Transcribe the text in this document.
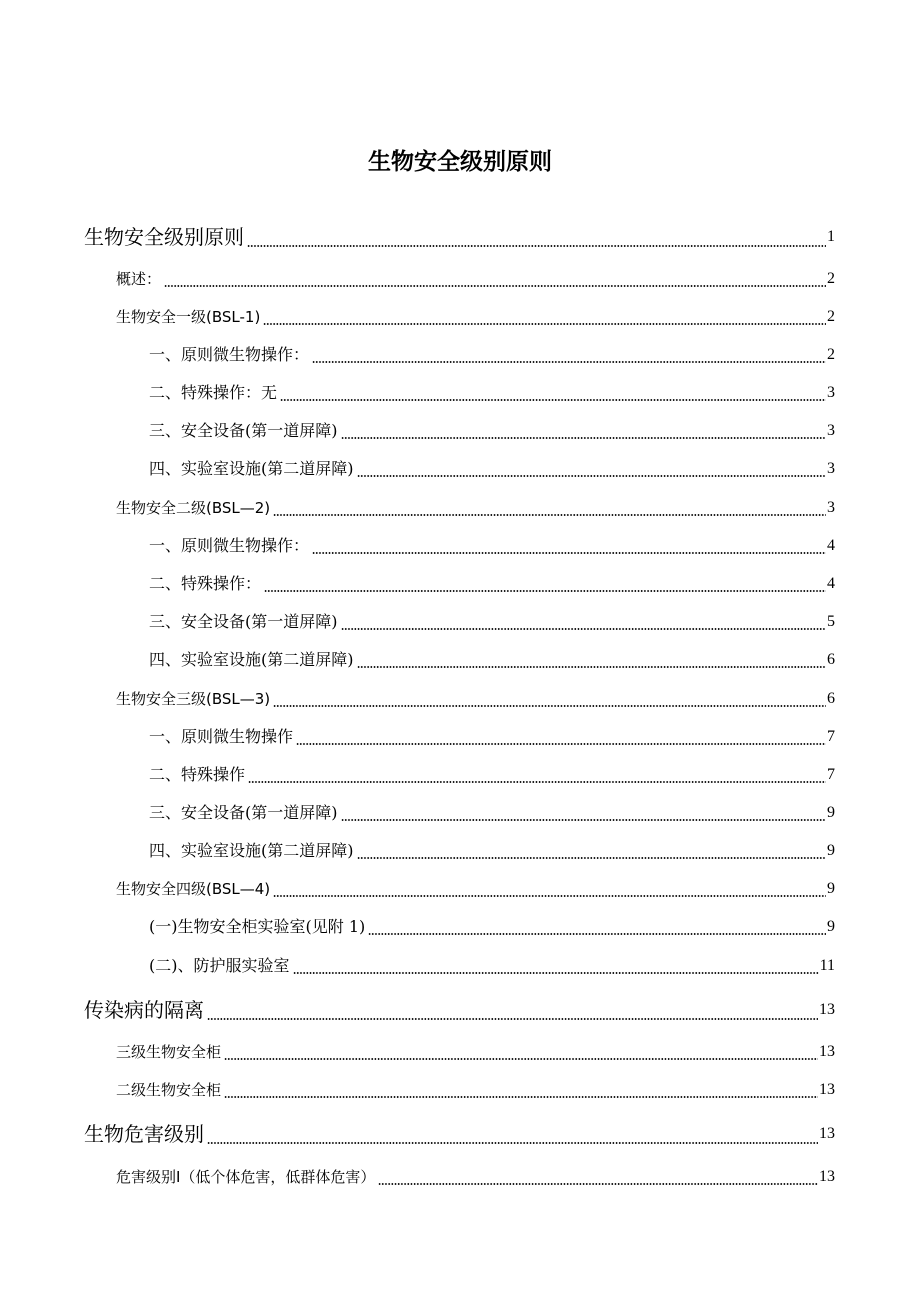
生物安全级别原则
生物安全级别原则	1
概述：	2
生物安全一级(BSL-1)	2
一、原则微生物操作：	2
二、特殊操作：无	3
三、安全设备(第一道屏障)	3
四、实验室设施(第二道屏障)	3
生物安全二级(BSL—2)	3
一、原则微生物操作：	4
二、特殊操作：	4
三、安全设备(第一道屏障)	5
四、实验室设施(第二道屏障)	6
生物安全三级(BSL—3)	6
一、原则微生物操作	7
二、特殊操作	7
三、安全设备(第一道屏障)	9
四、实验室设施(第二道屏障)	9
生物安全四级(BSL—4)	9
(一)生物安全柜实验室(见附 1)	9
(二)、防护服实验室	11
传染病的隔离	13
三级生物安全柜	13
二级生物安全柜	13
生物危害级别	13
危害级别Ⅰ（低个体危害，低群体危害）	13
